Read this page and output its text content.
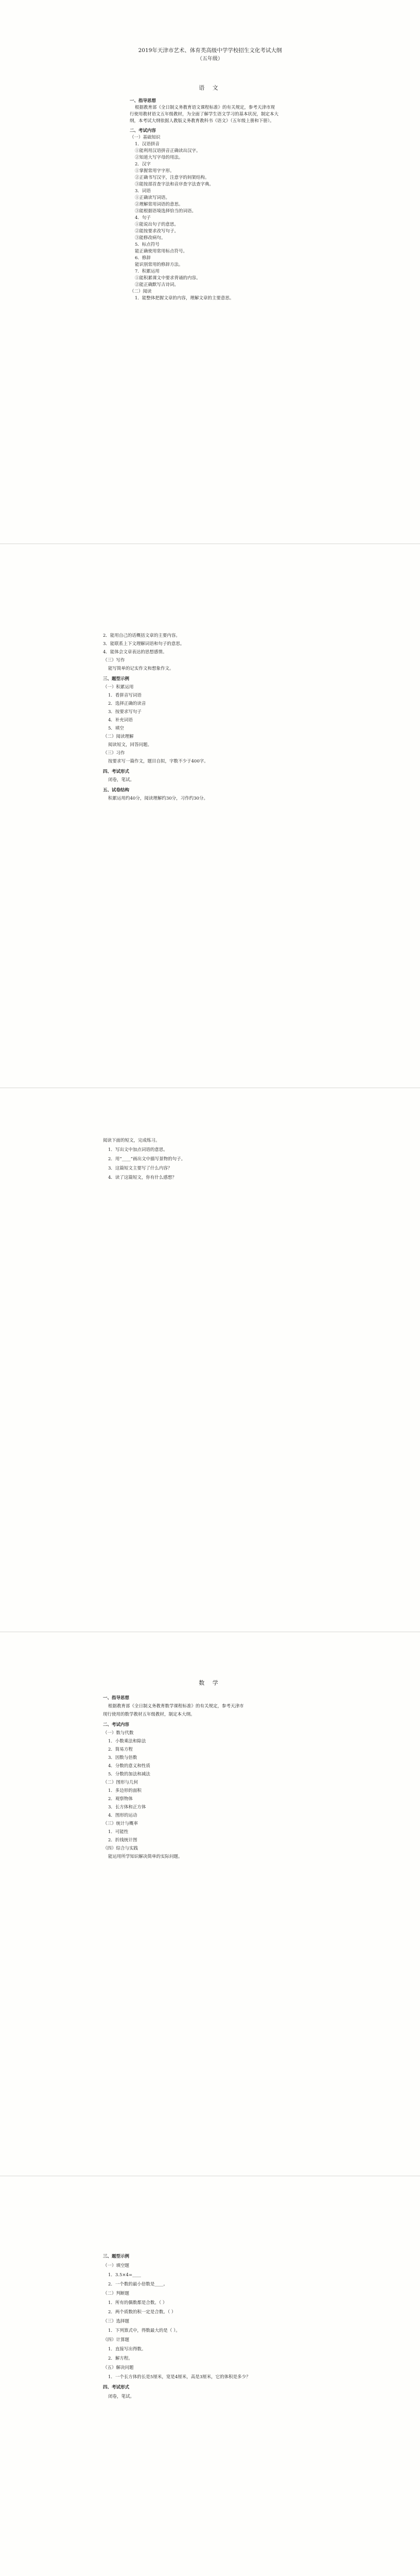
2019年天津市艺术、体育类高级中学学校招生文化考试大纲
（五年级）
语 文
一、指导思想
根据教育部《全日制义务教育语文课程标准》的有关规定，参考天津市现
行使用教材语文五年级教材，为全面了解学生语文学习的基本状况，制定本大
纲，本考试大纲依据人教版义务教育教科书《语文》（五年级上册和下册）。
二、考试内容
（一）基础知识
1．汉语拼音
①能利用汉语拼音正确读出汉字。
②知道大写字母的用法。
2．汉字
①掌握常用字字形。
②正确书写汉字，注意字的间架结构。
③能按部首查字法和音序查字法查字典。
3．词语
①正确读写词语。
②理解常用词语的意思。
③能根据语境选择恰当的词语。
4．句子
①能说出句子的意思。
②能按要求改写句子。
③能修改病句。
5．标点符号
能正确使用常用标点符号。
6．修辞
能识别常用的修辞方法。
7．积累运用
①能积累课文中要求背诵的内容。
②能正确默写古诗词。
（二）阅读
1．能整体把握文章的内容，理解文章的主要意思。
2．能用自己的话概括文章的主要内容。
3．能联系上下文理解词语和句子的意思。
4．能体会文章表达的思想感情。
（三）写作
能写简单的记实作文和想象作文。
三、题型示例
（一）积累运用
1．看拼音写词语
2．选择正确的读音
3．按要求写句子
4．补充词语
5．填空
（二）阅读理解
阅读短文，回答问题。
（三）习作
按要求写一篇作文，题目自拟，字数不少于400字。
四、考试形式
闭卷，笔试。
五、试卷结构
积累运用约40分，阅读理解约30分，习作约30分。
阅读下面的短文，完成练习。
1．写出文中加点词语的意思。
2．用“____”画出文中描写景物的句子。
3．这篇短文主要写了什么内容？
4．读了这篇短文，你有什么感想？
数 学
一、指导思想
根据教育部《全日制义务教育数学课程标准》的有关规定，参考天津市
现行使用的数学教材五年级教材，制定本大纲。
二、考试内容
（一）数与代数
1．小数乘法和除法
2．简易方程
3．因数与倍数
4．分数的意义和性质
5．分数的加法和减法
（二）图形与几何
1．多边形的面积
2．观察物体
3．长方体和正方体
4．图形的运动
（三）统计与概率
1．可能性
2．折线统计图
（四）综合与实践
能运用所学知识解决简单的实际问题。
三、题型示例
（一）填空题
1．3.5×4=____
2．一个数的最小倍数是____。
（二）判断题
1．所有的偶数都是合数。（ ）
2．两个质数的积一定是合数。（ ）
（三）选择题
1．下列算式中，得数最大的是（ ）。
（四）计算题
1．直接写出得数。
2．解方程。
（五）解决问题
1．一个长方体的长是5厘米，宽是4厘米，高是3厘米，它的体积是多少？
四、考试形式
闭卷，笔试。
